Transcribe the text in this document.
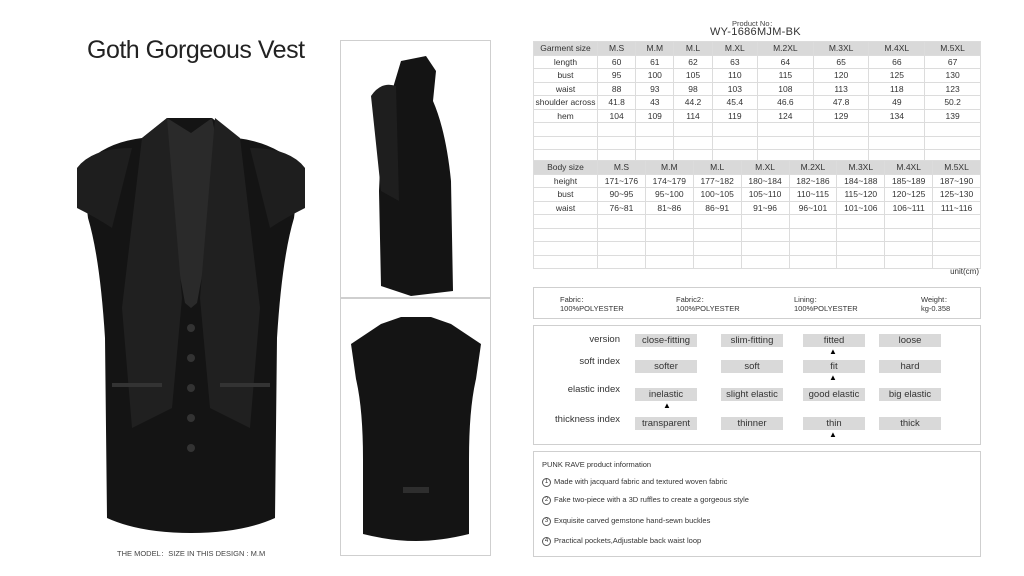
Goth Gorgeous Vest
THE MODEL：SIZE IN THIS DESIGN : M.M
Product No：
WY-1686MJM-BK
Garment size	M.S	M.M	M.L	M.XL	M.2XL	M.3XL	M.4XL	M.5XL
length	60	61	62	63	64	65	66	67
bust	95	100	105	110	115	120	125	130
waist	88	93	98	103	108	113	118	123
shoulder across	41.8	43	44.2	45.4	46.6	47.8	49	50.2
hem	104	109	114	119	124	129	134	139

Body size	M.S	M.M	M.L	M.XL	M.2XL	M.3XL	M.4XL	M.5XL
height	171~176	174~179	177~182	180~184	182~186	184~188	185~189	187~190
bust	90~95	95~100	100~105	105~110	110~115	115~120	120~125	125~130
waist	76~81	81~86	86~91	91~96	96~101	101~106	106~111	111~116

unit(cm)
Fabric：
100%POLYESTER
Fabric2：
100%POLYESTER
Lining：
100%POLYESTER
Weight：
kg-0.358
version	close-fitting	slim-fitting	fitted	loose
▲
soft index	softer	soft	fit	hard
▲
elastic index	inelastic	slight elastic	good elastic	big elastic
▲
thickness index	transparent	thinner	thin	thick
▲
PUNK RAVE product information
1 Made with jacquard fabric and textured woven fabric
2 Fake two-piece with a 3D ruffles to create a gorgeous style
3 Exquisite carved gemstone hand-sewn buckles
4 Practical pockets,Adjustable back waist loop
